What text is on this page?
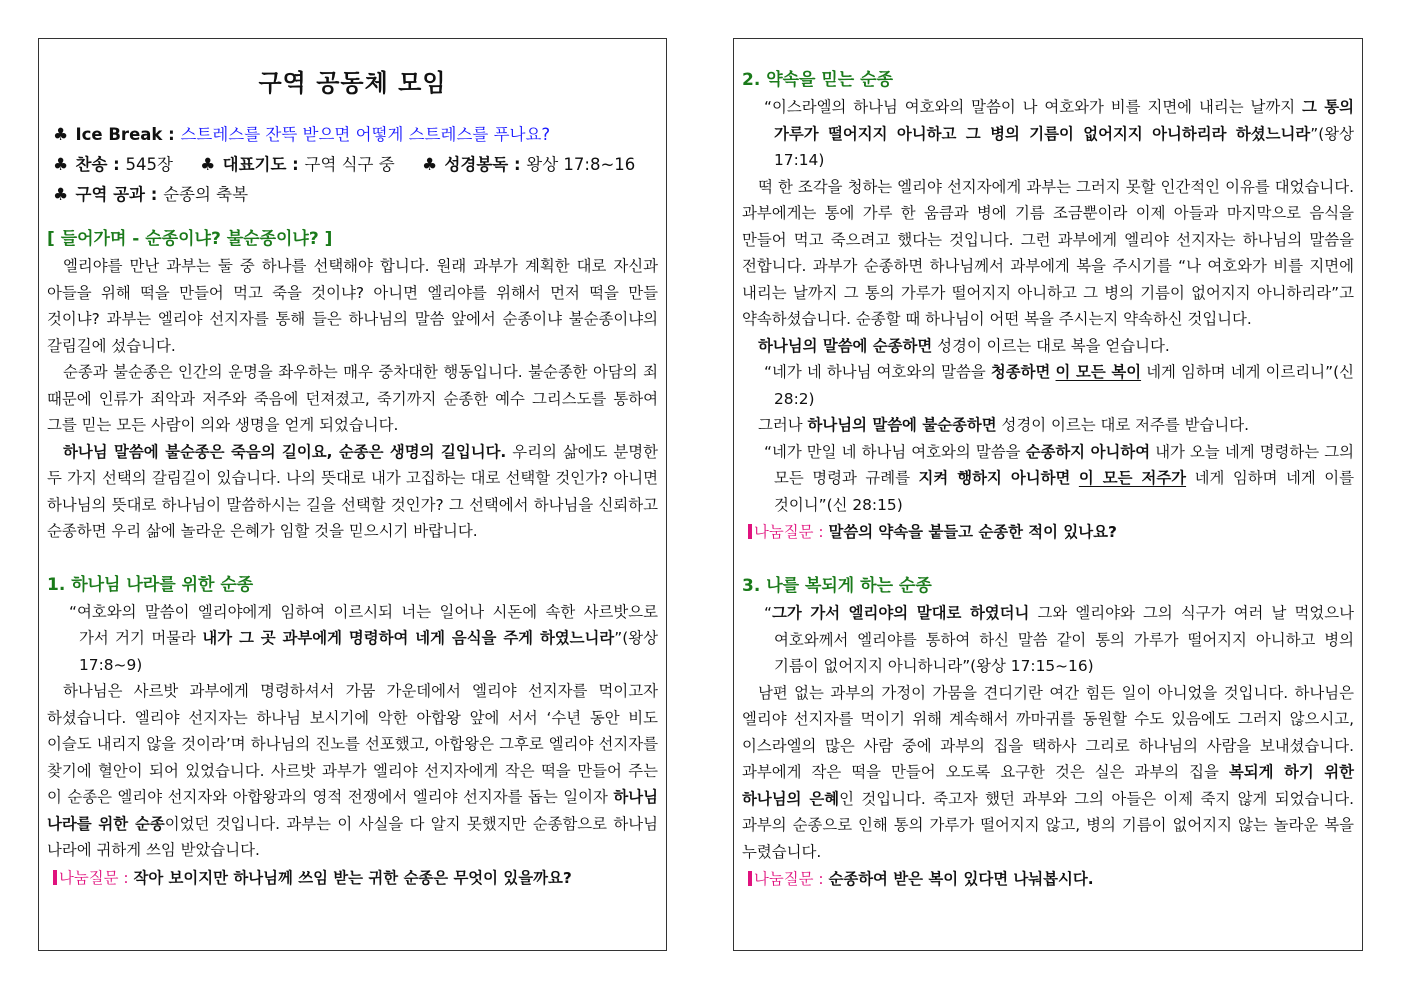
구역 공동체 모임
♣ Ice Break : 스트레스를 잔뜩 받으면 어떻게 스트레스를 푸나요?
♣ 찬송 : 545장 ♣ 대표기도 : 구역 식구 중 ♣ 성경봉독 : 왕상 17:8~16
♣ 구역 공과 : 순종의 축복

[ 들어가며 - 순종이냐? 불순종이냐? ]

엘리야를 만난 과부는 둘 중 하나를 선택해야 합니다. 원래 과부가 계획한 대로 자신과 아들을 위해 떡을 만들어 먹고 죽을 것이냐? 아니면 엘리야를 위해서 먼저 떡을 만들 것이냐? 과부는 엘리야 선지자를 통해 들은 하나님의 말씀 앞에서 순종이냐 불순종이냐의 갈림길에 섰습니다.

순종과 불순종은 인간의 운명을 좌우하는 매우 중차대한 행동입니다. 불순종한 아담의 죄 때문에 인류가 죄악과 저주와 죽음에 던져졌고, 죽기까지 순종한 예수 그리스도를 통하여 그를 믿는 모든 사람이 의와 생명을 얻게 되었습니다.

하나님 말씀에 불순종은 죽음의 길이요, 순종은 생명의 길입니다. 우리의 삶에도 분명한 두 가지 선택의 갈림길이 있습니다. 나의 뜻대로 내가 고집하는 대로 선택할 것인가? 아니면 하나님의 뜻대로 하나님이 말씀하시는 길을 선택할 것인가? 그 선택에서 하나님을 신뢰하고 순종하면 우리 삶에 놀라운 은혜가 임할 것을 믿으시기 바랍니다.

1. 하나님 나라를 위한 순종

“여호와의 말씀이 엘리야에게 임하여 이르시되 너는 일어나 시돈에 속한 사르밧으로 가서 거기 머물라 내가 그 곳 과부에게 명령하여 네게 음식을 주게 하였느니라”(왕상 17:8~9)

하나님은 사르밧 과부에게 명령하셔서 가뭄 가운데에서 엘리야 선지자를 먹이고자 하셨습니다. 엘리야 선지자는 하나님 보시기에 악한 아합왕 앞에 서서 ‘수년 동안 비도 이슬도 내리지 않을 것이라’며 하나님의 진노를 선포했고, 아합왕은 그후로 엘리야 선지자를 찾기에 혈안이 되어 있었습니다. 사르밧 과부가 엘리야 선지자에게 작은 떡을 만들어 주는 이 순종은 엘리야 선지자와 아합왕과의 영적 전쟁에서 엘리야 선지자를 돕는 일이자 하나님 나라를 위한 순종이었던 것입니다. 과부는 이 사실을 다 알지 못했지만 순종함으로 하나님 나라에 귀하게 쓰임 받았습니다.

나눔질문 : 작아 보이지만 하나님께 쓰임 받는 귀한 순종은 무엇이 있을까요?

2. 약속을 믿는 순종

“이스라엘의 하나님 여호와의 말씀이 나 여호와가 비를 지면에 내리는 날까지 그 통의 가루가 떨어지지 아니하고 그 병의 기름이 없어지지 아니하리라 하셨느니라”(왕상 17:14)

떡 한 조각을 청하는 엘리야 선지자에게 과부는 그러지 못할 인간적인 이유를 대었습니다. 과부에게는 통에 가루 한 움큼과 병에 기름 조금뿐이라 이제 아들과 마지막으로 음식을 만들어 먹고 죽으려고 했다는 것입니다. 그런 과부에게 엘리야 선지자는 하나님의 말씀을 전합니다. 과부가 순종하면 하나님께서 과부에게 복을 주시기를 “나 여호와가 비를 지면에 내리는 날까지 그 통의 가루가 떨어지지 아니하고 그 병의 기름이 없어지지 아니하리라”고 약속하셨습니다. 순종할 때 하나님이 어떤 복을 주시는지 약속하신 것입니다.

하나님의 말씀에 순종하면 성경이 이르는 대로 복을 얻습니다.

“네가 네 하나님 여호와의 말씀을 청종하면 이 모든 복이 네게 임하며 네게 이르리니”(신 28:2)

그러나 하나님의 말씀에 불순종하면 성경이 이르는 대로 저주를 받습니다.

“네가 만일 네 하나님 여호와의 말씀을 순종하지 아니하여 내가 오늘 네게 명령하는 그의 모든 명령과 규례를 지켜 행하지 아니하면 이 모든 저주가 네게 임하며 네게 이를 것이니”(신 28:15)

나눔질문 : 말씀의 약속을 붙들고 순종한 적이 있나요?

3. 나를 복되게 하는 순종

“그가 가서 엘리야의 말대로 하였더니 그와 엘리야와 그의 식구가 여러 날 먹었으나 여호와께서 엘리야를 통하여 하신 말씀 같이 통의 가루가 떨어지지 아니하고 병의 기름이 없어지지 아니하니라”(왕상 17:15~16)

남편 없는 과부의 가정이 가뭄을 견디기란 여간 힘든 일이 아니었을 것입니다. 하나님은 엘리야 선지자를 먹이기 위해 계속해서 까마귀를 동원할 수도 있음에도 그러지 않으시고, 이스라엘의 많은 사람 중에 과부의 집을 택하사 그리로 하나님의 사람을 보내셨습니다. 과부에게 작은 떡을 만들어 오도록 요구한 것은 실은 과부의 집을 복되게 하기 위한 하나님의 은혜인 것입니다. 죽고자 했던 과부와 그의 아들은 이제 죽지 않게 되었습니다. 과부의 순종으로 인해 통의 가루가 떨어지지 않고, 병의 기름이 없어지지 않는 놀라운 복을 누렸습니다.

나눔질문 : 순종하여 받은 복이 있다면 나눠봅시다.
